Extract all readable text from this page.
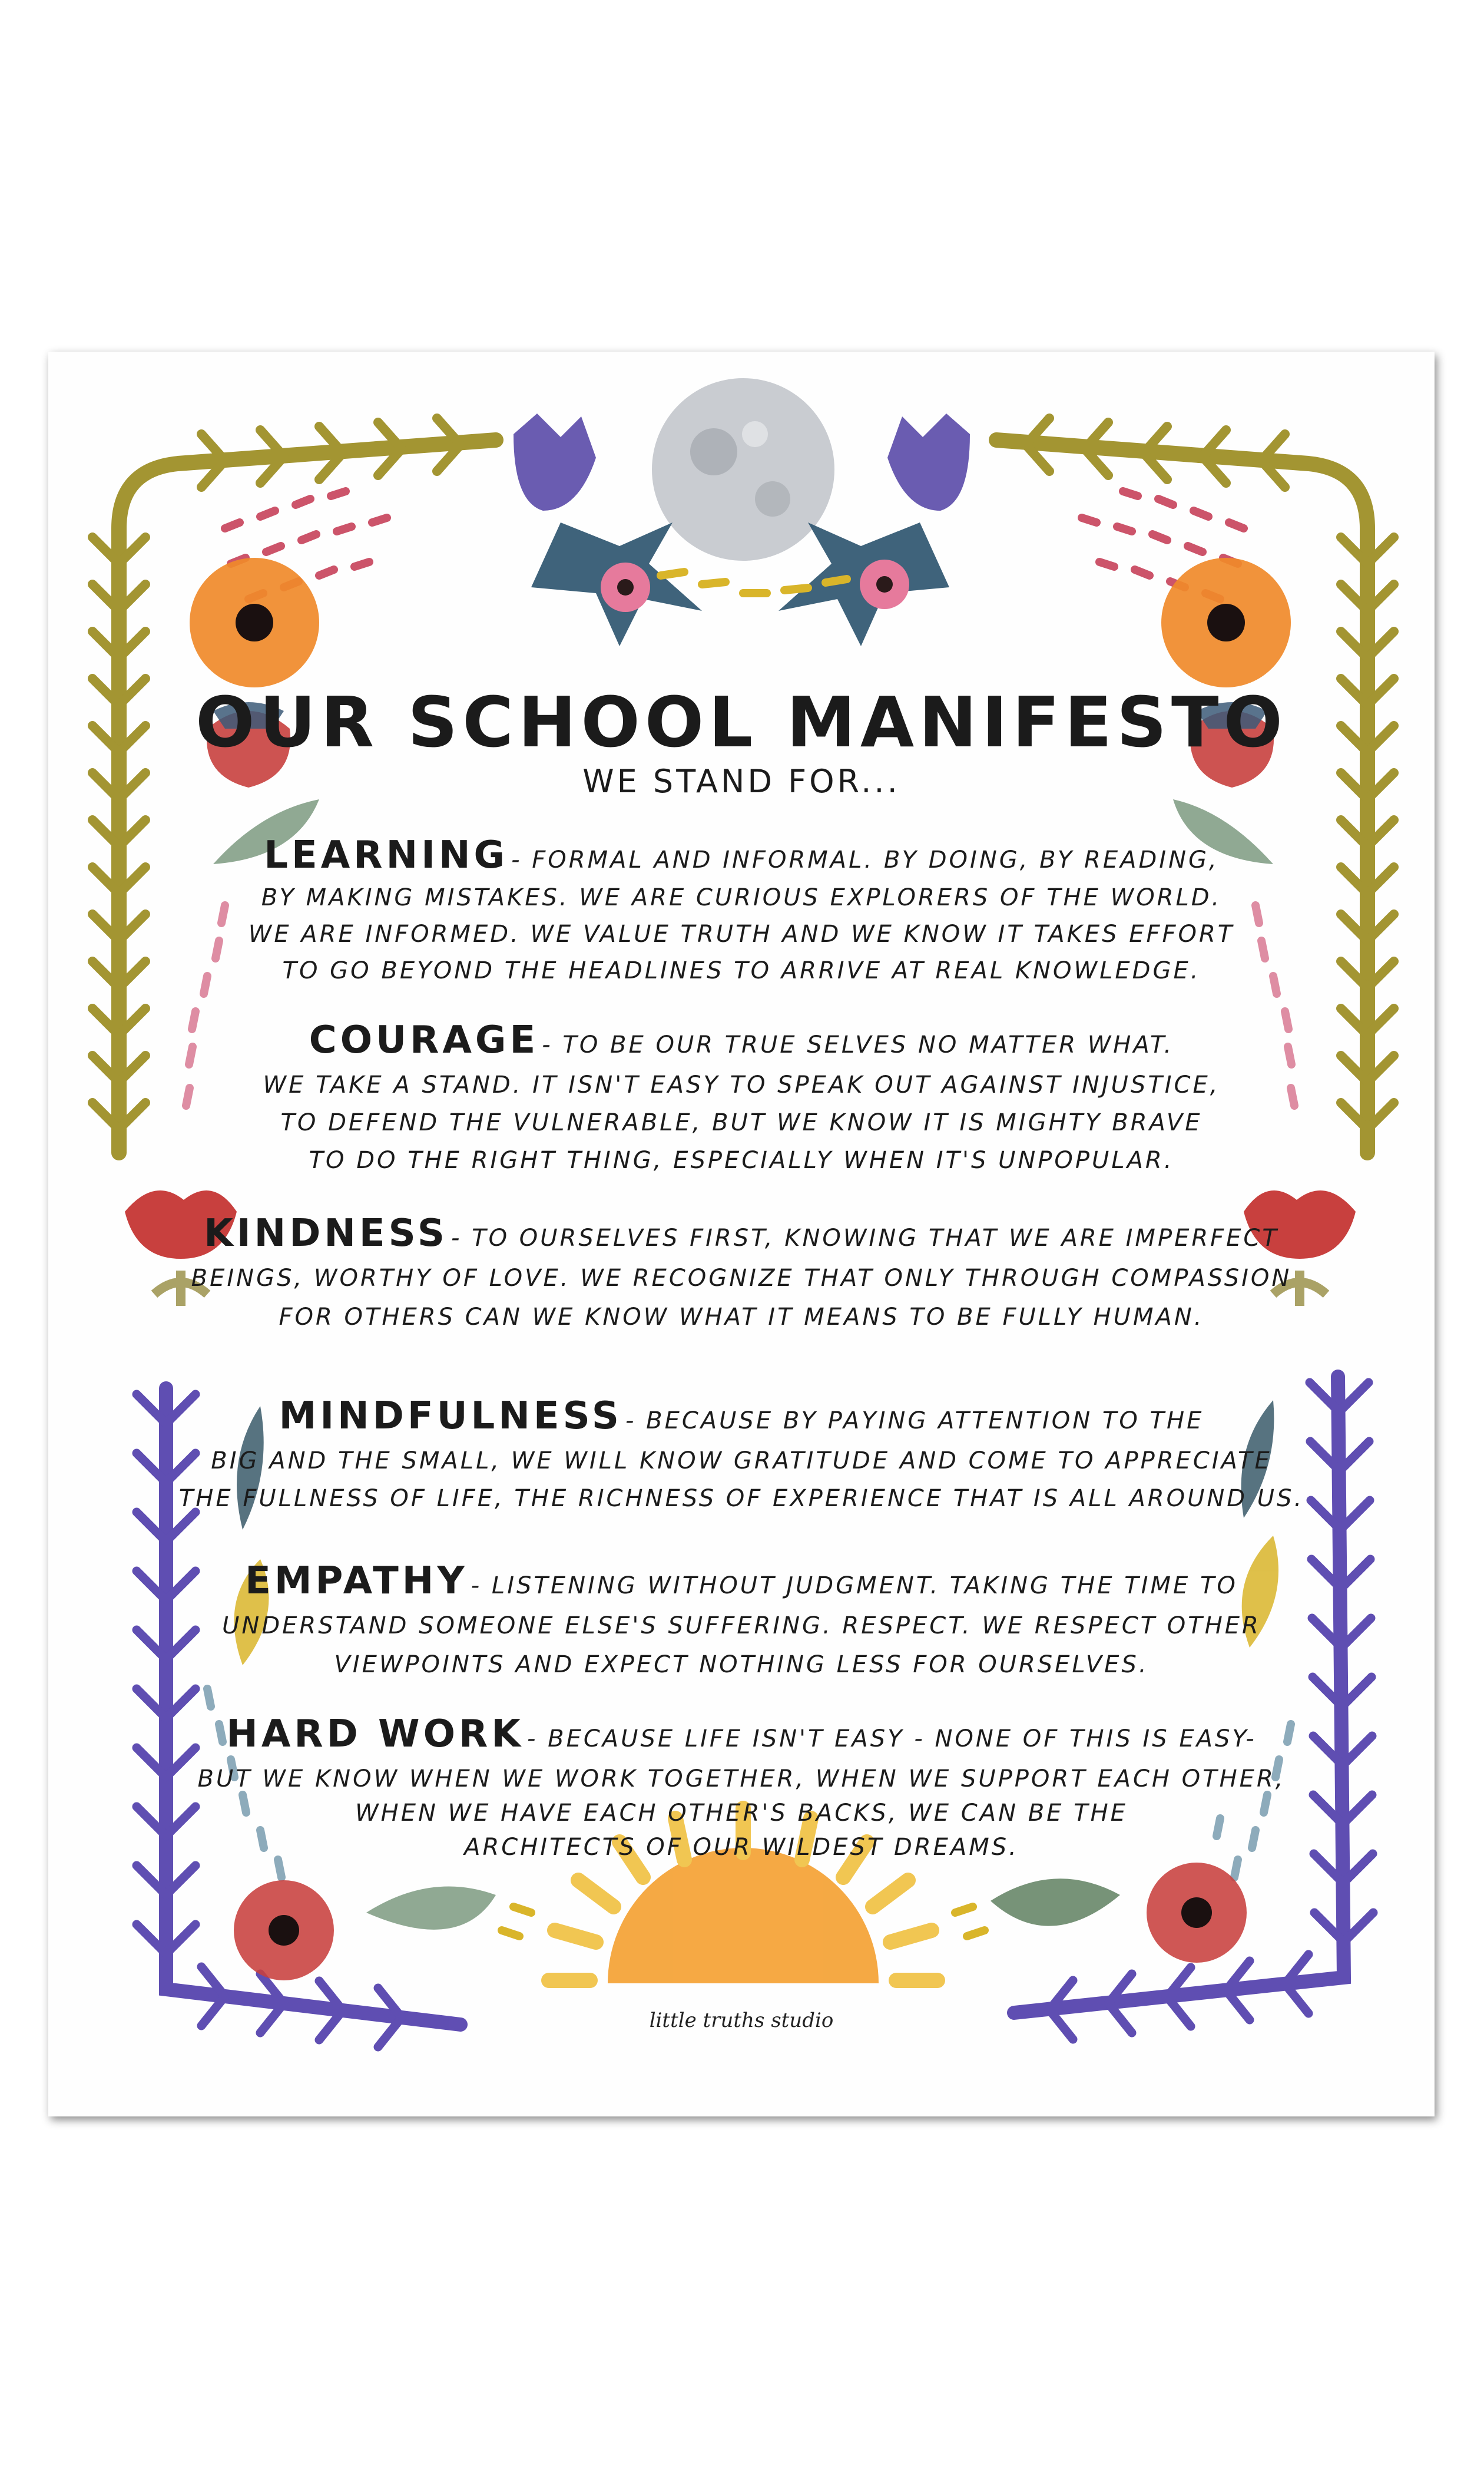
OUR SCHOOL MANIFESTO
WE STAND FOR...
LEARNING - FORMAL AND INFORMAL. BY DOING, BY READING,
BY MAKING MISTAKES. WE ARE CURIOUS EXPLORERS OF THE WORLD.
WE ARE INFORMED. WE VALUE TRUTH AND WE KNOW IT TAKES EFFORT
TO GO BEYOND THE HEADLINES TO ARRIVE AT REAL KNOWLEDGE.
COURAGE - TO BE OUR TRUE SELVES NO MATTER WHAT.
WE TAKE A STAND. IT ISN'T EASY TO SPEAK OUT AGAINST INJUSTICE,
TO DEFEND THE VULNERABLE, BUT WE KNOW IT IS MIGHTY BRAVE
TO DO THE RIGHT THING, ESPECIALLY WHEN IT'S UNPOPULAR.
KINDNESS - TO OURSELVES FIRST, KNOWING THAT WE ARE IMPERFECT
BEINGS, WORTHY OF LOVE. WE RECOGNIZE THAT ONLY THROUGH COMPASSION
FOR OTHERS CAN WE KNOW WHAT IT MEANS TO BE FULLY HUMAN.
MINDFULNESS - BECAUSE BY PAYING ATTENTION TO THE
BIG AND THE SMALL, WE WILL KNOW GRATITUDE AND COME TO APPRECIATE
THE FULLNESS OF LIFE, THE RICHNESS OF EXPERIENCE THAT IS ALL AROUND US.
EMPATHY - LISTENING WITHOUT JUDGMENT. TAKING THE TIME TO
UNDERSTAND SOMEONE ELSE'S SUFFERING. RESPECT. WE RESPECT OTHER
VIEWPOINTS AND EXPECT NOTHING LESS FOR OURSELVES.
HARD WORK - BECAUSE LIFE ISN'T EASY - NONE OF THIS IS EASY-
BUT WE KNOW WHEN WE WORK TOGETHER, WHEN WE SUPPORT EACH OTHER,
WHEN WE HAVE EACH OTHER'S BACKS, WE CAN BE THE
ARCHITECTS OF OUR WILDEST DREAMS.
little truths studio
